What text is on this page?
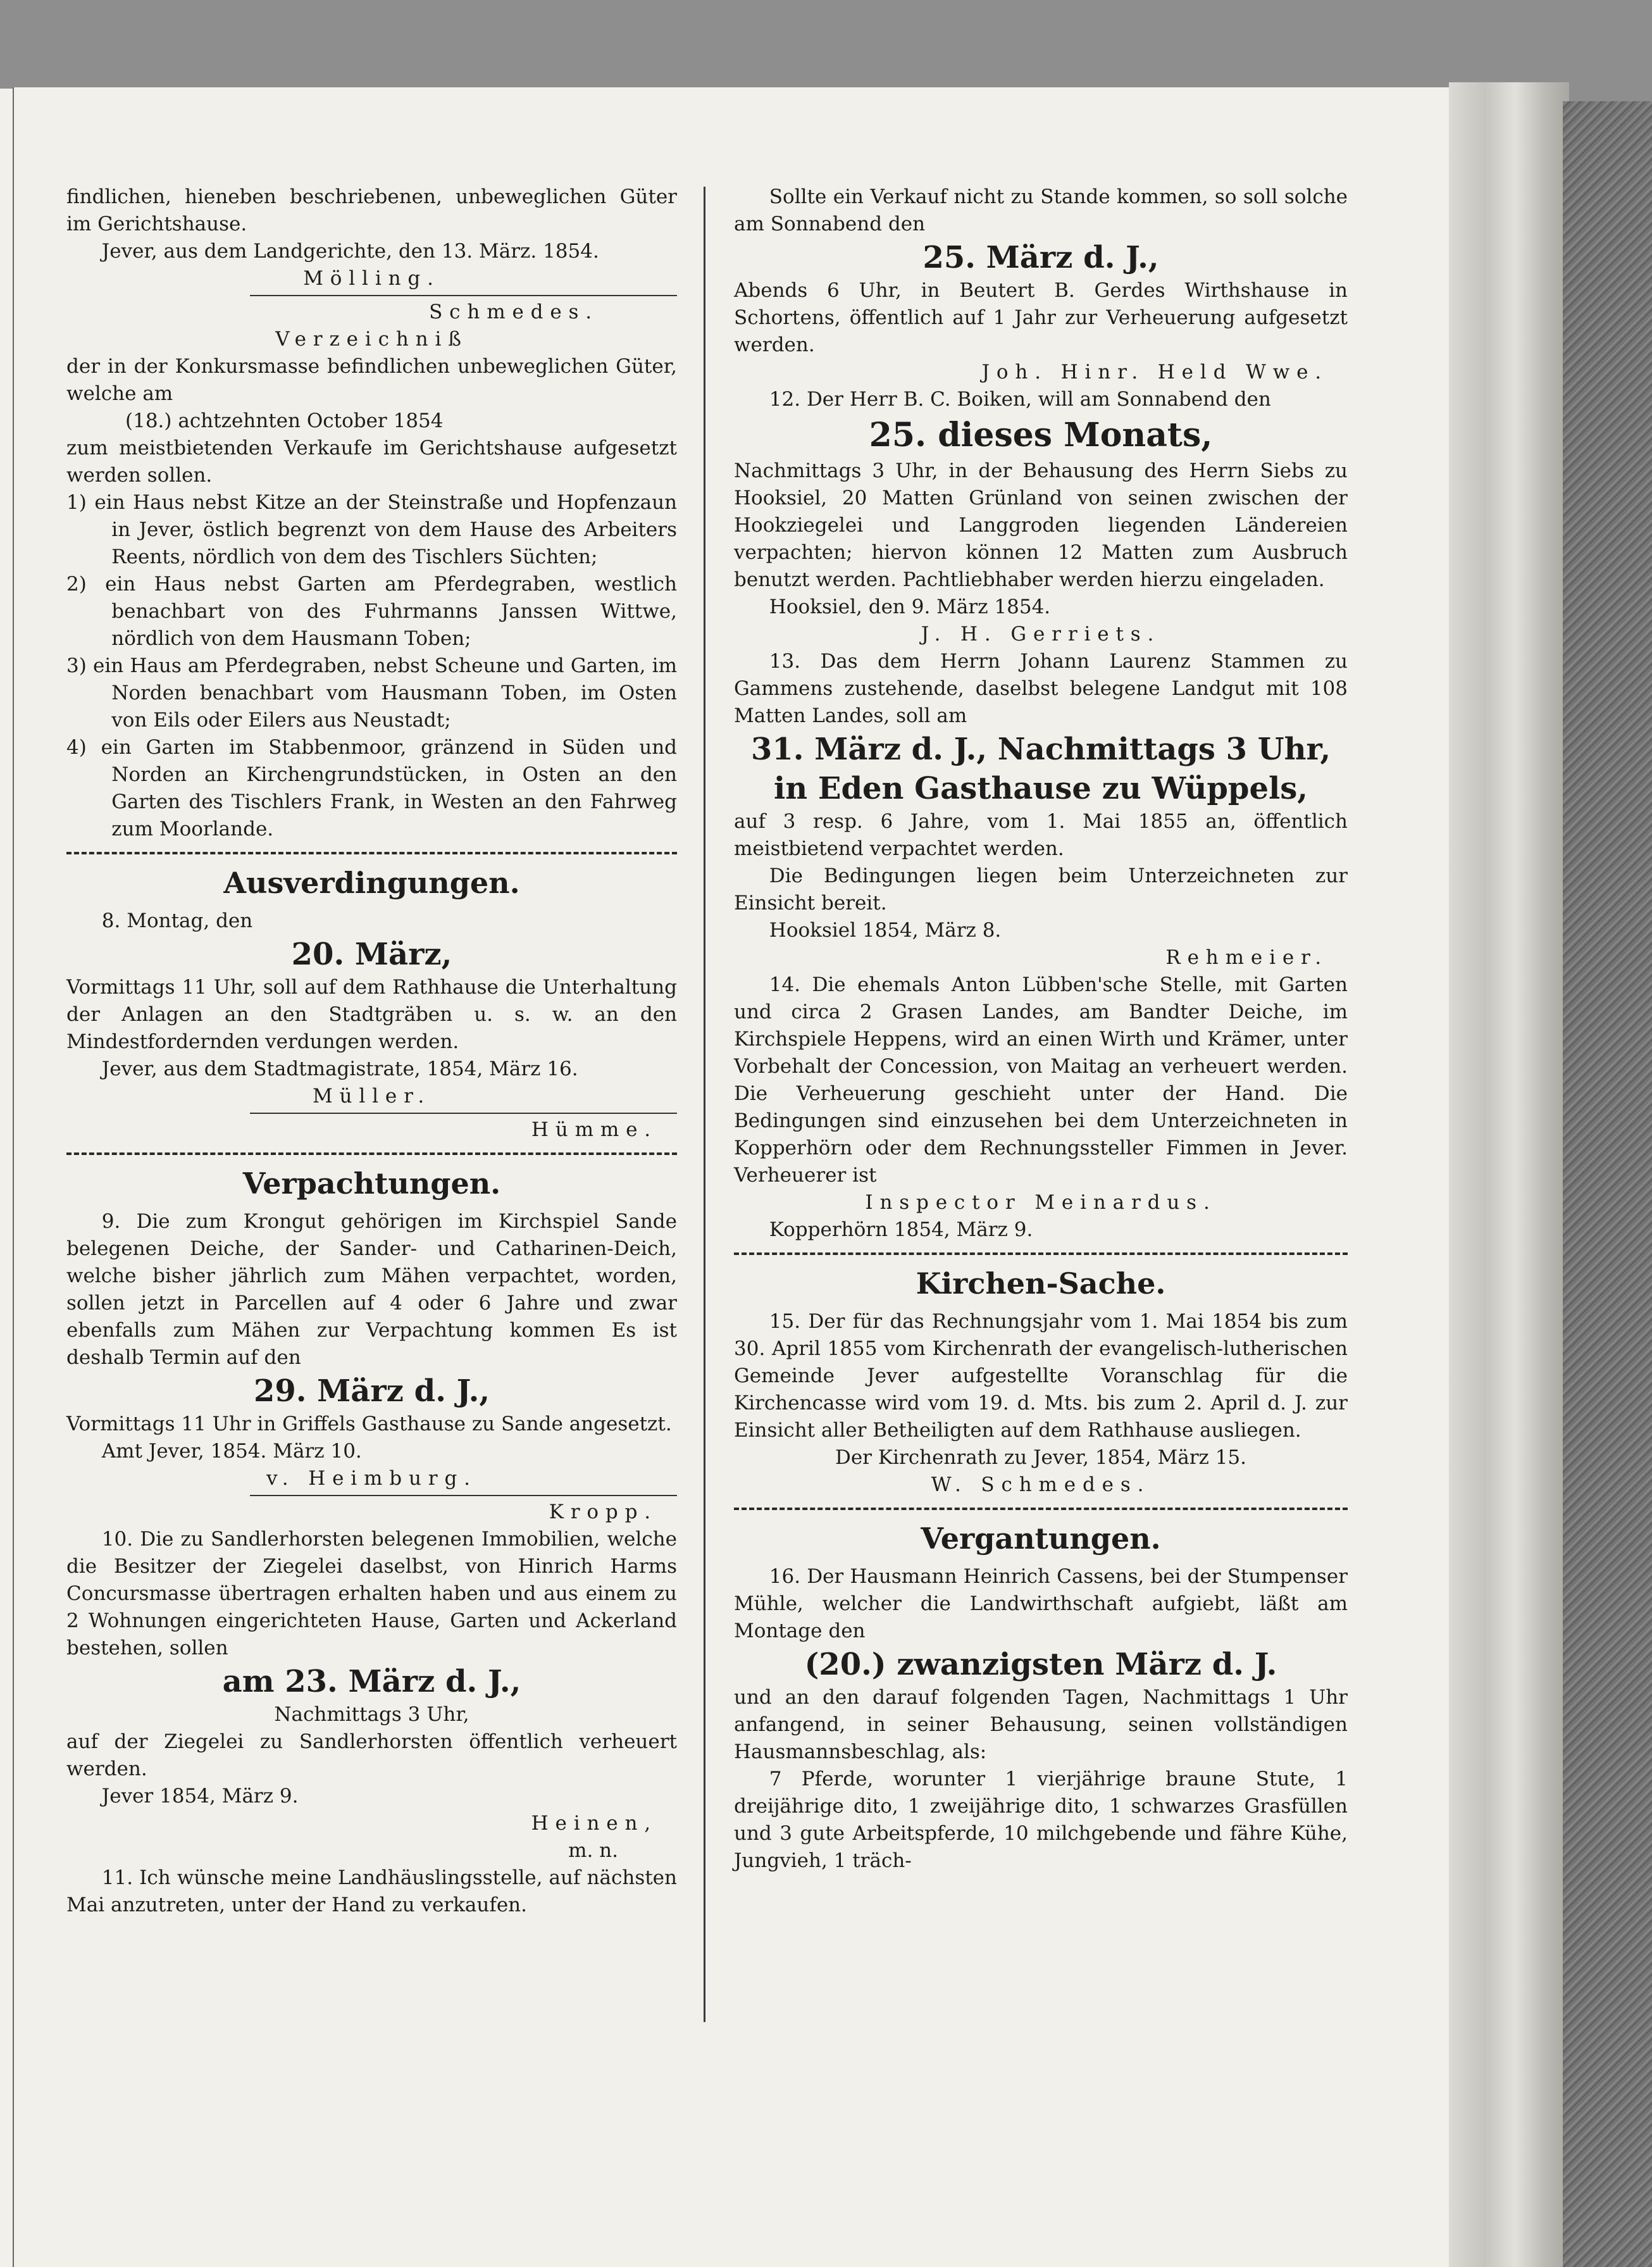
findlichen, hieneben beschriebenen, unbeweglichen Güter im Gerichtshause.

Jever, aus dem Landgerichte, den 13. März. 1854.

Mölling.

Schmedes.

Verzeichniß

der in der Konkursmasse befindlichen unbeweglichen Güter, welche am

(18.) achtzehnten October 1854

zum meistbietenden Verkaufe im Gerichtshause aufgesetzt werden sollen.

1) ein Haus nebst Kitze an der Steinstraße und Hopfenzaun in Jever, östlich begrenzt von dem Hause des Arbeiters Reents, nördlich von dem des Tischlers Süchten;

2) ein Haus nebst Garten am Pferdegraben, westlich benachbart von des Fuhrmanns Janssen Wittwe, nördlich von dem Hausmann Toben;

3) ein Haus am Pferdegraben, nebst Scheune und Garten, im Norden benachbart vom Hausmann Toben, im Osten von Eils oder Eilers aus Neustadt;

4) ein Garten im Stabbenmoor, gränzend in Süden und Norden an Kirchengrundstücken, in Osten an den Garten des Tischlers Frank, in Westen an den Fahrweg zum Moorlande.

Ausverdingungen.

8. Montag, den

20. März,

Vormittags 11 Uhr, soll auf dem Rathhause die Unterhaltung der Anlagen an den Stadtgräben u. s. w. an den Mindestfordernden verdungen werden.

Jever, aus dem Stadtmagistrate, 1854, März 16.

Müller.

Hümme.

Verpachtungen.

9. Die zum Krongut gehörigen im Kirchspiel Sande belegenen Deiche, der Sander- und Catharinen-Deich, welche bisher jährlich zum Mähen verpachtet, worden, sollen jetzt in Parcellen auf 4 oder 6 Jahre und zwar ebenfalls zum Mähen zur Verpachtung kommen Es ist deshalb Termin auf den

29. März d. J.,

Vormittags 11 Uhr in Griffels Gasthause zu Sande angesetzt.

Amt Jever, 1854. März 10.

v. Heimburg.

Kropp.

10. Die zu Sandlerhorsten belegenen Immobilien, welche die Besitzer der Ziegelei daselbst, von Hinrich Harms Concursmasse übertragen erhalten haben und aus einem zu 2 Wohnungen eingerichteten Hause, Garten und Ackerland bestehen, sollen

am 23. März d. J.,

Nachmittags 3 Uhr,

auf der Ziegelei zu Sandlerhorsten öffentlich verheuert werden.

Jever 1854, März 9.

Heinen,

m. n.

11. Ich wünsche meine Landhäuslingsstelle, auf nächsten Mai anzutreten, unter der Hand zu verkaufen.

Sollte ein Verkauf nicht zu Stande kommen, so soll solche am Sonnabend den

25. März d. J.,

Abends 6 Uhr, in Beutert B. Gerdes Wirthshause in Schortens, öffentlich auf 1 Jahr zur Verheuerung aufgesetzt werden.

Joh. Hinr. Held Wwe.

12. Der Herr B. C. Boiken, will am Sonnabend den

25. dieses Monats,

Nachmittags 3 Uhr, in der Behausung des Herrn Siebs zu Hooksiel, 20 Matten Grünland von seinen zwischen der Hookziegelei und Langgroden liegenden Ländereien verpachten; hiervon können 12 Matten zum Ausbruch benutzt werden. Pachtliebhaber werden hierzu eingeladen.

Hooksiel, den 9. März 1854.

J. H. Gerriets.

13. Das dem Herrn Johann Laurenz Stammen zu Gammens zustehende, daselbst belegene Landgut mit 108 Matten Landes, soll am

31. März d. J., Nachmittags 3 Uhr, in Eden Gasthause zu Wüppels,

auf 3 resp. 6 Jahre, vom 1. Mai 1855 an, öffentlich meistbietend verpachtet werden.

Die Bedingungen liegen beim Unterzeichneten zur Einsicht bereit.

Hooksiel 1854, März 8.

Rehmeier.

14. Die ehemals Anton Lübben'sche Stelle, mit Garten und circa 2 Grasen Landes, am Bandter Deiche, im Kirchspiele Heppens, wird an einen Wirth und Krämer, unter Vorbehalt der Concession, von Maitag an verheuert werden. Die Verheuerung geschieht unter der Hand. Die Bedingungen sind einzusehen bei dem Unterzeichneten in Kopperhörn oder dem Rechnungssteller Fimmen in Jever. Verheuerer ist

Inspector Meinardus.

Kopperhörn 1854, März 9.

Kirchen-Sache.

15. Der für das Rechnungsjahr vom 1. Mai 1854 bis zum 30. April 1855 vom Kirchenrath der evangelisch-lutherischen Gemeinde Jever aufgestellte Voranschlag für die Kirchencasse wird vom 19. d. Mts. bis zum 2. April d. J. zur Einsicht aller Betheiligten auf dem Rathhause ausliegen.

Der Kirchenrath zu Jever, 1854, März 15.

W. Schmedes.

Vergantungen.

16. Der Hausmann Heinrich Cassens, bei der Stumpenser Mühle, welcher die Landwirthschaft aufgiebt, läßt am Montage den

(20.) zwanzigsten März d. J.

und an den darauf folgenden Tagen, Nachmittags 1 Uhr anfangend, in seiner Behausung, seinen vollständigen Hausmannsbeschlag, als:

7 Pferde, worunter 1 vierjährige braune Stute, 1 dreijährige dito, 1 zweijährige dito, 1 schwarzes Grasfüllen und 3 gute Arbeitspferde, 10 milchgebende und fähre Kühe, Jungvieh, 1 träch-
